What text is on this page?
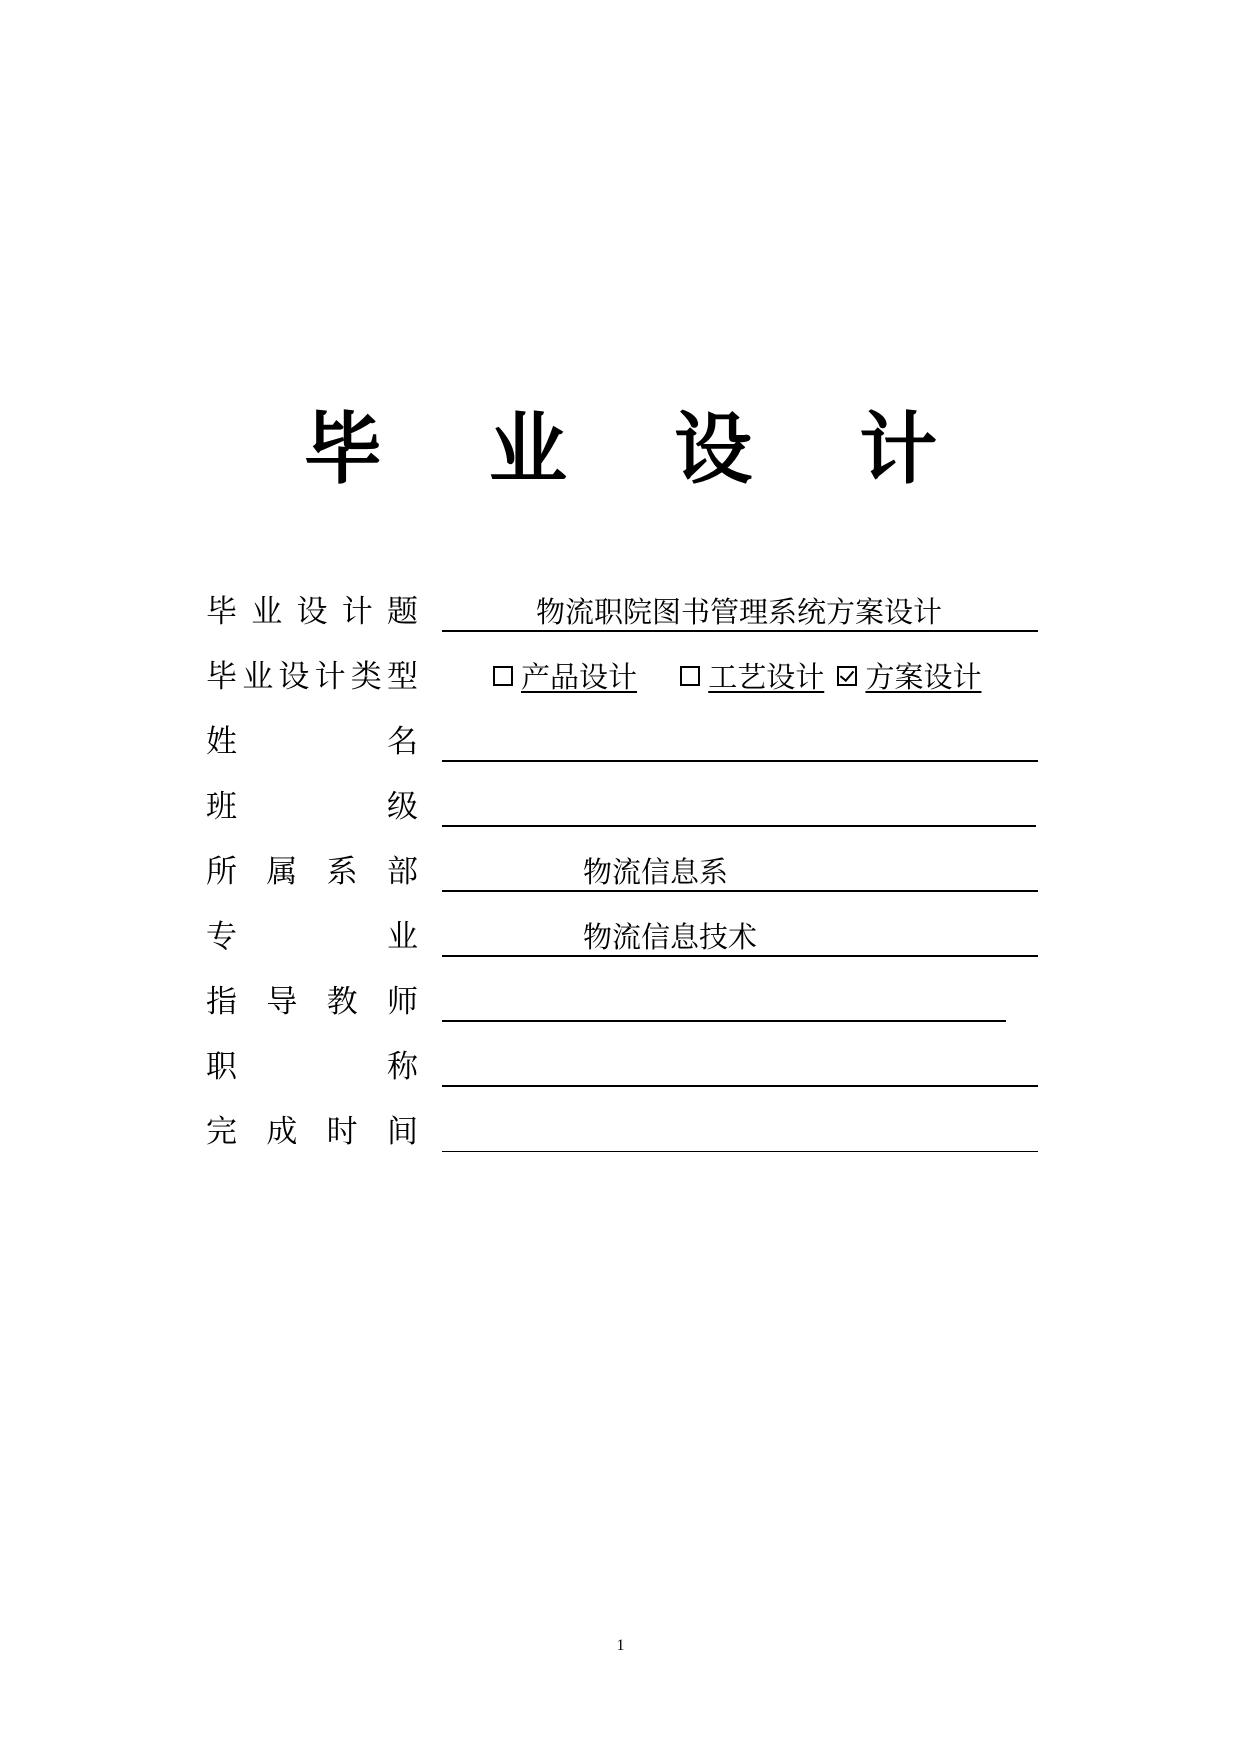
毕 业 设 计
毕 业 设 计 题	物流职院图书管理系统方案设计
毕 业 设 计 类 型	产品设计 工艺设计 方案设计
姓	名
班	级
所 属 系 部	物流信息系
专	业	物流信息技术
指 导 教 师
职	称
完 成 时 间
1
